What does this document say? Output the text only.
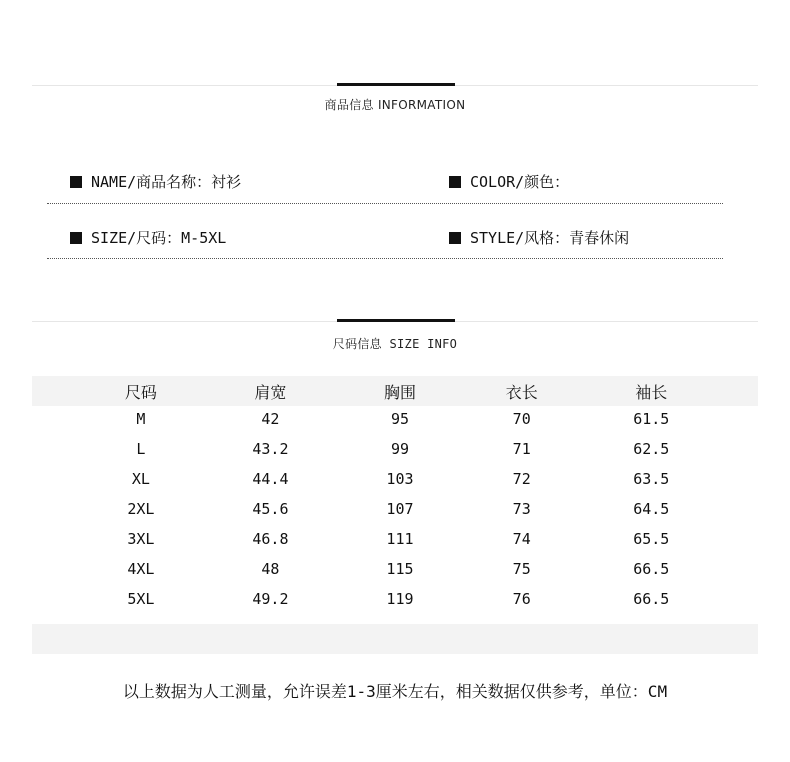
商品信息 INFORMATION
NAME/商品名称：衬衫	COLOR/颜色：
SIZE/尺码：M-5XL	STYLE/风格：青春休闲
尺码信息 SIZE INFO
尺码	肩宽	胸围	衣长	袖长
M	42	95	70	61.5
L	43.2	99	71	62.5
XL	44.4	103	72	63.5
2XL	45.6	107	73	64.5
3XL	46.8	111	74	65.5
4XL	48	115	75	66.5
5XL	49.2	119	76	66.5
以上数据为人工测量，允许误差1-3厘米左右，相关数据仅供参考，单位：CM
